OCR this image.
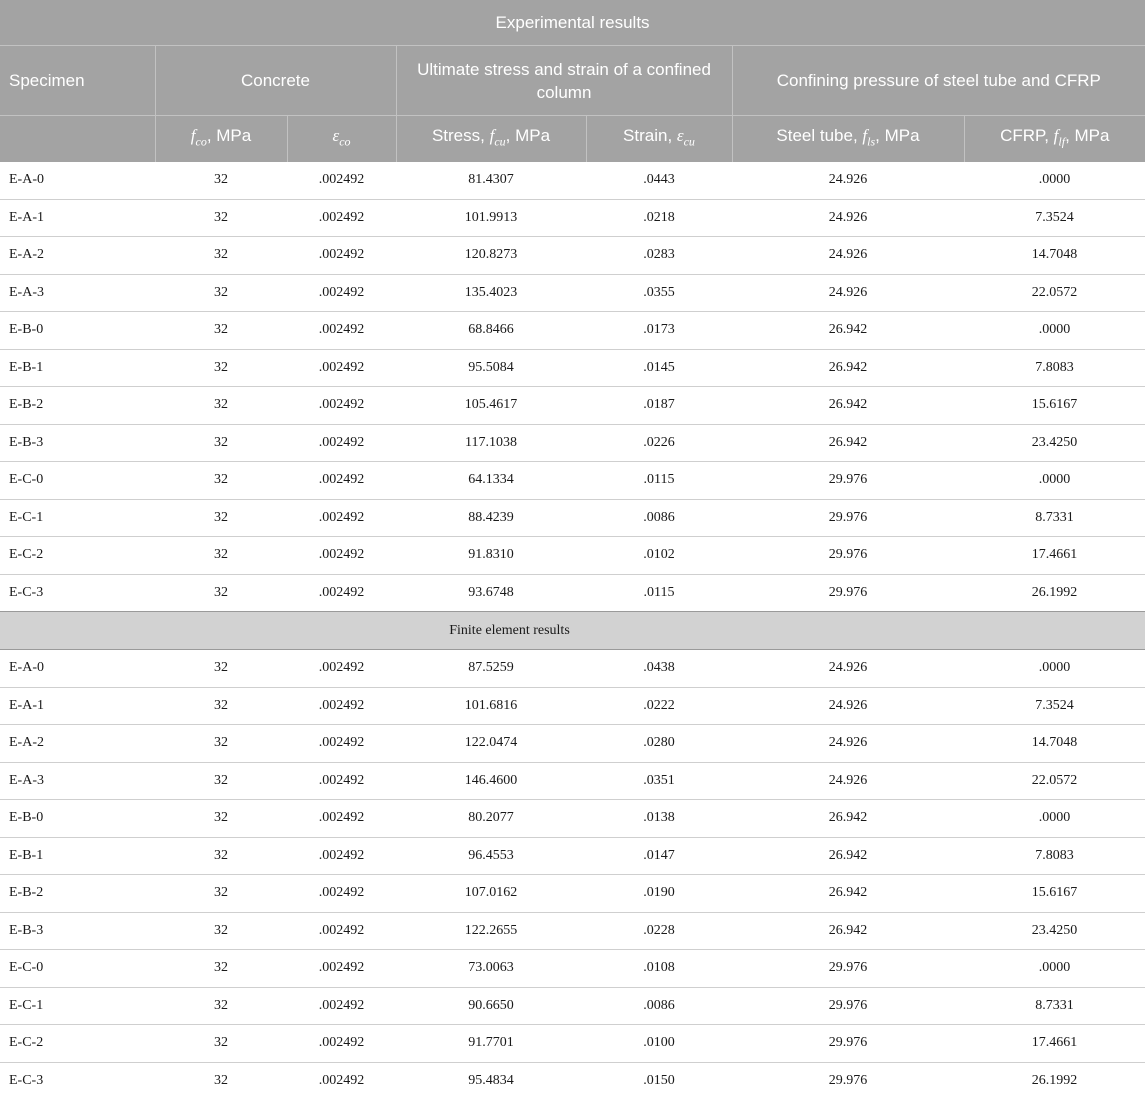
Experimental results						
Specimen	Concrete		Ultimate stress and strain of a confined column		Confining pressure of steel tube and CFRP	
	$f_{co}$, MPa	$\varepsilon_{co}$	Stress, $f_{cu}$, MPa	Strain, $\varepsilon_{cu}$	Steel tube, $f_{ls}$, MPa	CFRP, $f_{lf}$, MPa
E-A-0	32	.002492	81.4307	.0443	24.926	.0000
E-A-1	32	.002492	101.9913	.0218	24.926	7.3524
E-A-2	32	.002492	120.8273	.0283	24.926	14.7048
E-A-3	32	.002492	135.4023	.0355	24.926	22.0572
E-B-0	32	.002492	68.8466	.0173	26.942	.0000
E-B-1	32	.002492	95.5084	.0145	26.942	7.8083
E-B-2	32	.002492	105.4617	.0187	26.942	15.6167
E-B-3	32	.002492	117.1038	.0226	26.942	23.4250
E-C-0	32	.002492	64.1334	.0115	29.976	.0000
E-C-1	32	.002492	88.4239	.0086	29.976	8.7331
E-C-2	32	.002492	91.8310	.0102	29.976	17.4661
E-C-3	32	.002492	93.6748	.0115	29.976	26.1992
		Finite element results				
E-A-0	32	.002492	87.5259	.0438	24.926	.0000
E-A-1	32	.002492	101.6816	.0222	24.926	7.3524
E-A-2	32	.002492	122.0474	.0280	24.926	14.7048
E-A-3	32	.002492	146.4600	.0351	24.926	22.0572
E-B-0	32	.002492	80.2077	.0138	26.942	.0000
E-B-1	32	.002492	96.4553	.0147	26.942	7.8083
E-B-2	32	.002492	107.0162	.0190	26.942	15.6167
E-B-3	32	.002492	122.2655	.0228	26.942	23.4250
E-C-0	32	.002492	73.0063	.0108	29.976	.0000
E-C-1	32	.002492	90.6650	.0086	29.976	8.7331
E-C-2	32	.002492	91.7701	.0100	29.976	17.4661
E-C-3	32	.002492	95.4834	.0150	29.976	26.1992
